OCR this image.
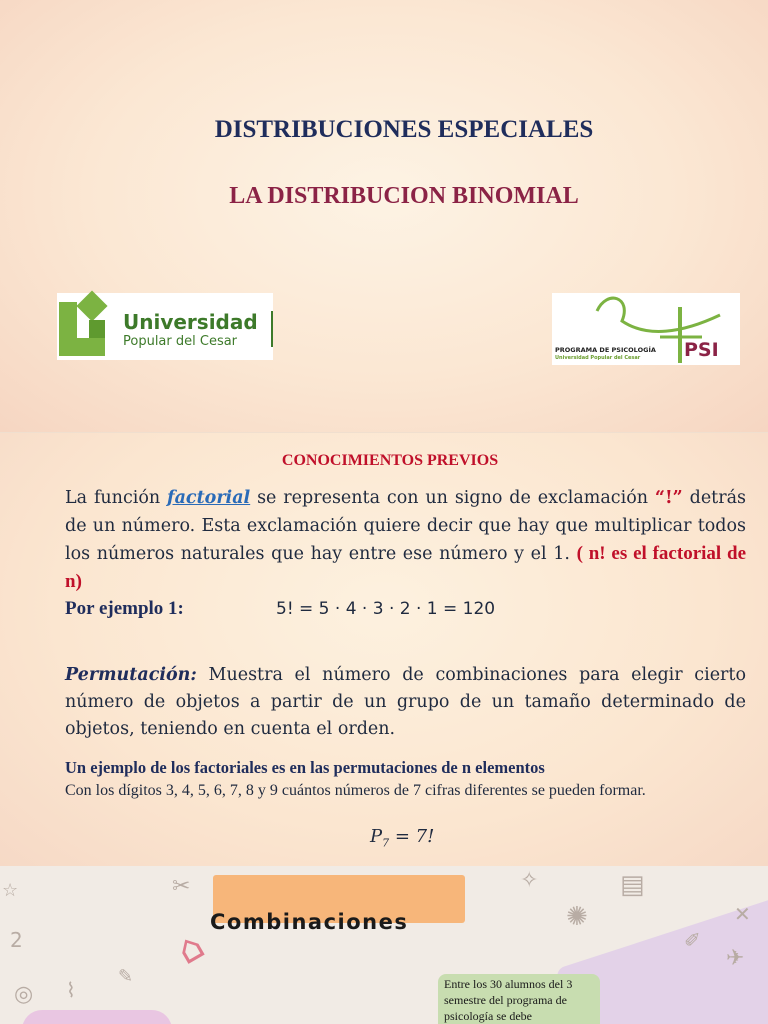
DISTRIBUCIONES ESPECIALES
LA DISTRIBUCION BINOMIAL
Universidad
Popular del Cesar
PROGRAMA DE PSICOLOGÍA
Universidad Popular del Cesar PSI
CONOCIMIENTOS PREVIOS
La función factorial se representa con un signo de exclamación “!” detrás de un número. Esta exclamación quiere decir que hay que multiplicar todos los números naturales que hay entre ese número y el 1. ( n! es el factorial de n)
Por ejemplo 1:	5! = 5 · 4 · 3 · 2 · 1 = 120
Permutación: Muestra el número de combinaciones para elegir cierto número de objetos a partir de un grupo de un tamaño determinado de objetos, teniendo en cuenta el orden.
Un ejemplo de los factoriales es en las permutaciones de n elementos
Con los dígitos 3, 4, 5, 6, 7, 8 y 9 cuántos números de 7 cifras diferentes se pueden formar.
$P_7 = 7$!
☆
2
◎ ⌇
✂
✎
✧	▤
✺	✕
✐
✈
⌂
Combinaciones
Entre los 30 alumnos del 3 semestre del programa de psicología se debe
